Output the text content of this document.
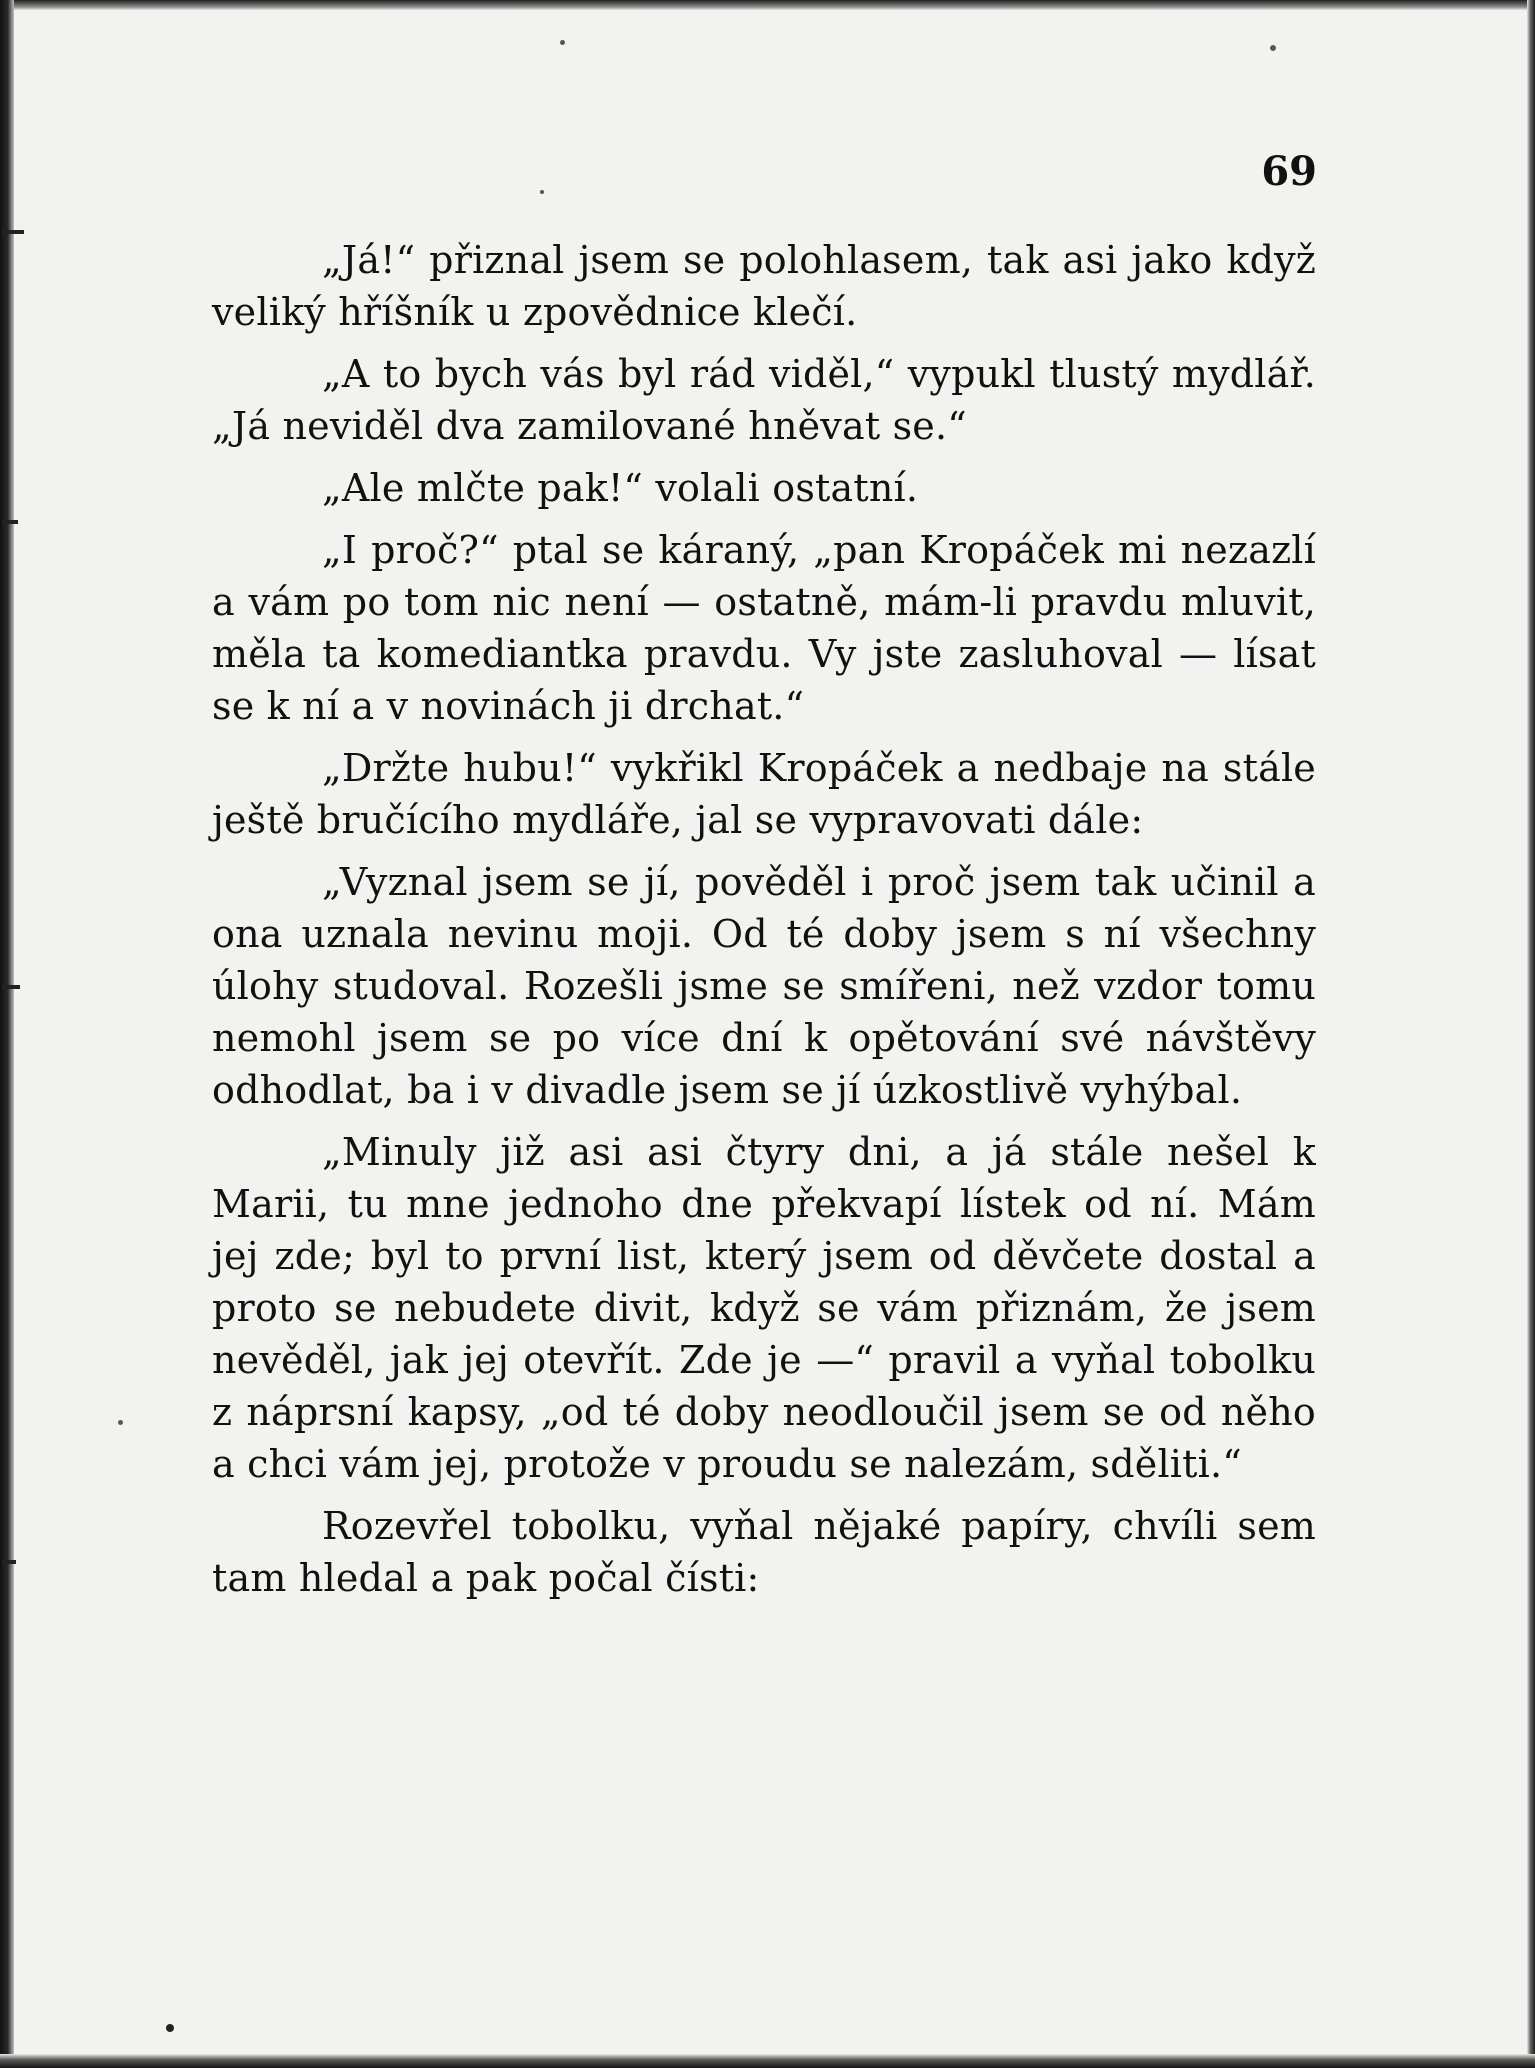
69

„Já!“ přiznal jsem se polohlasem, tak asi jako když veliký hříšník u zpovědnice klečí.

„A to bych vás byl rád viděl,“ vypukl tlustý mydlář. „Já neviděl dva zamilované hněvat se.“

„Ale mlčte pak!“ volali ostatní.

„I proč?“ ptal se káraný, „pan Kropáček mi nezazlí a vám po tom nic není — ostatně, mám-li pravdu mluvit, měla ta komediantka pravdu. Vy jste zasluhoval — lísat se k ní a v novinách ji drchat.“

„Držte hubu!“ vykřikl Kropáček a nedbaje na stále ještě bručícího mydláře, jal se vypravovati dále:

„Vyznal jsem se jí, pověděl i proč jsem tak učinil a ona uznala nevinu moji. Od té doby jsem s ní všechny úlohy studoval. Rozešli jsme se smířeni, než vzdor tomu nemohl jsem se po více dní k opětování své návštěvy odhodlat, ba i v divadle jsem se jí úzkostlivě vyhýbal.

„Minuly již asi asi čtyry dni, a já stále nešel k Marii, tu mne jednoho dne překvapí lístek od ní. Mám jej zde; byl to první list, který jsem od děvčete dostal a proto se nebudete divit, když se vám přiznám, že jsem nevěděl, jak jej otevřít. Zde je —“ pravil a vyňal tobolku z náprsní kapsy, „od té doby neodloučil jsem se od něho a chci vám jej, protože v proudu se nalezám, sděliti.“

Rozevřel tobolku, vyňal nějaké papíry, chvíli sem tam hledal a pak počal čísti:
